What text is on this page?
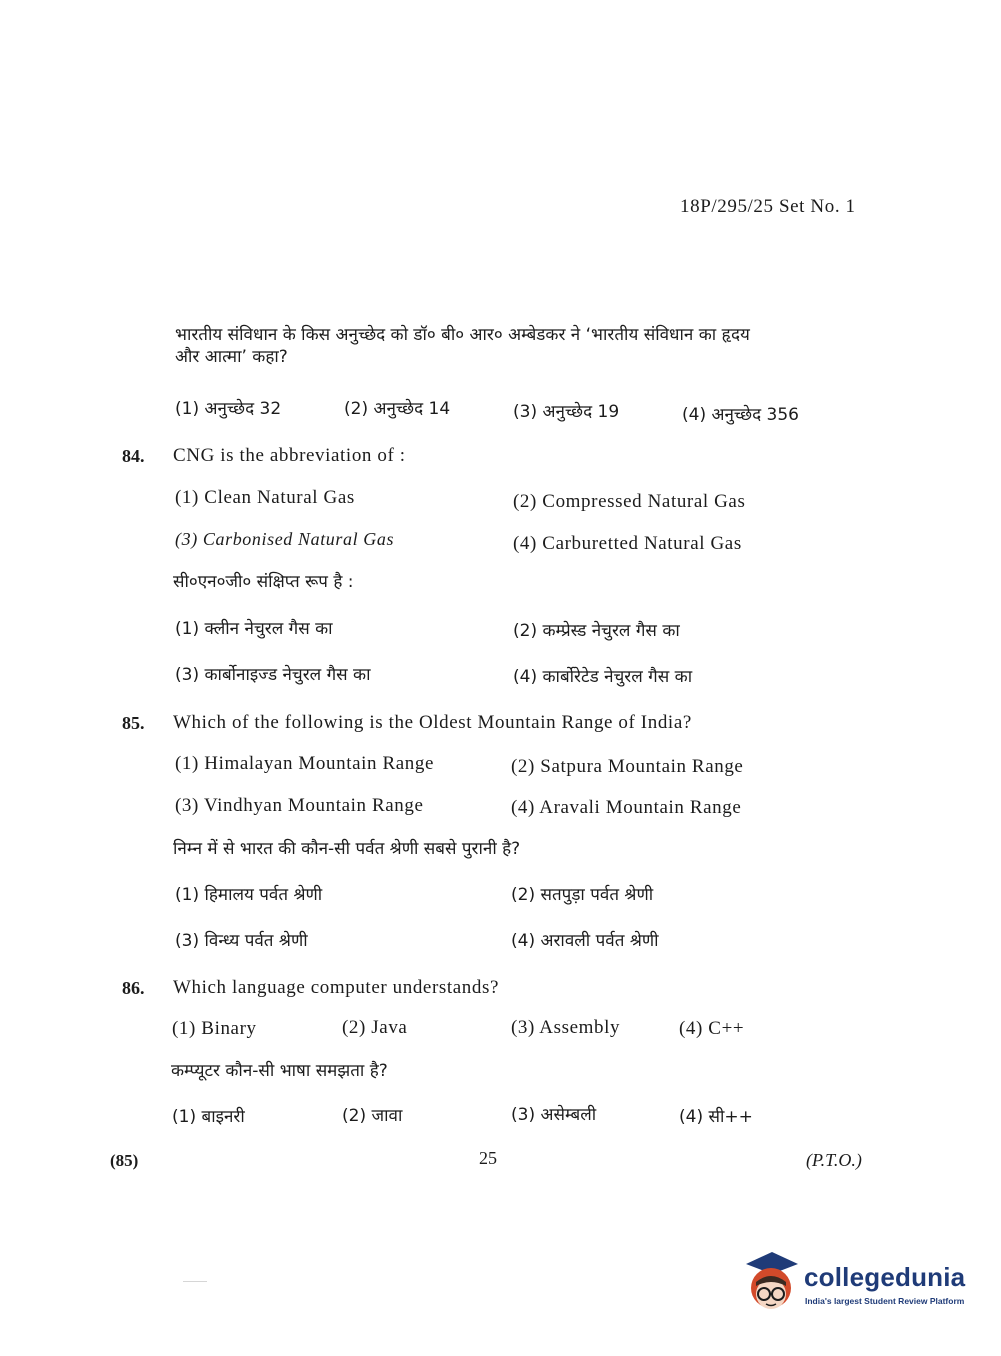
18P/295/25 Set No. 1
भारतीय संविधान के किस अनुच्छेद को डॉ० बी० आर० अम्बेडकर ने ‘भारतीय संविधान का हृदय
और आत्मा’ कहा?
(1) अनुच्छेद 32	(2) अनुच्छेद 14	(3) अनुच्छेद 19	(4) अनुच्छेद 356
84. CNG is the abbreviation of :
(1) Clean Natural Gas	(2) Compressed Natural Gas
(3) Carbonised Natural Gas	(4) Carburetted Natural Gas
सी०एन०जी० संक्षिप्त रूप है :
(1) क्लीन नेचुरल गैस का	(2) कम्प्रेस्ड नेचुरल गैस का
(3) कार्बोनाइज्ड नेचुरल गैस का	(4) कार्बोरेटेड नेचुरल गैस का
85. Which of the following is the Oldest Mountain Range of India?
(1) Himalayan Mountain Range	(2) Satpura Mountain Range
(3) Vindhyan Mountain Range	(4) Aravali Mountain Range
निम्न में से भारत की कौन-सी पर्वत श्रेणी सबसे पुरानी है?
(1) हिमालय पर्वत श्रेणी	(2) सतपुड़ा पर्वत श्रेणी
(3) विन्ध्य पर्वत श्रेणी	(4) अरावली पर्वत श्रेणी
86. Which language computer understands?
(1) Binary	(2) Java	(3) Assembly	(4) C++
कम्प्यूटर कौन-सी भाषा समझता है?
(1) बाइनरी	(2) जावा	(3) असेम्बली	(4) सी++
(85)	25	(P.T.O.)
collegedunia
India's largest Student Review Platform
